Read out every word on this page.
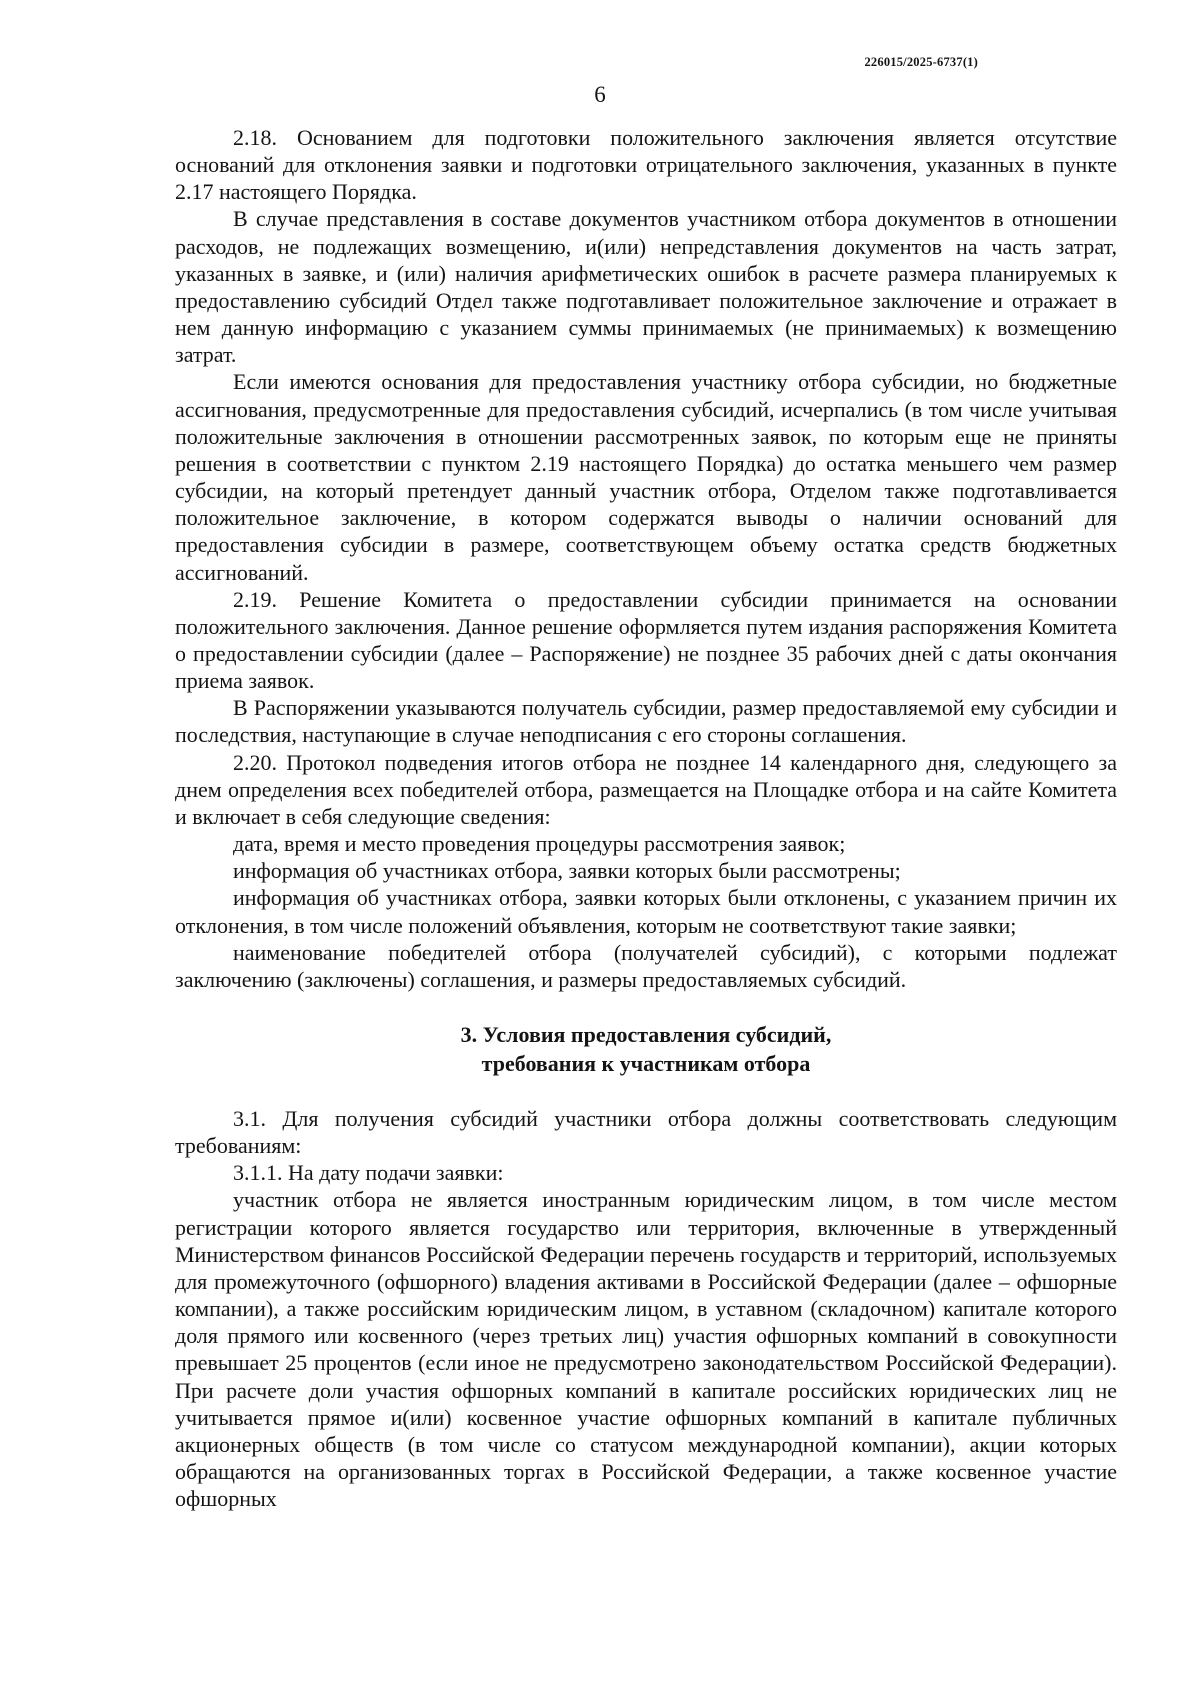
226015/2025-6737(1)
6

2.18. Основанием для подготовки положительного заключения является отсутствие оснований для отклонения заявки и подготовки отрицательного заключения, указанных в пункте 2.17 настоящего Порядка.

В случае представления в составе документов участником отбора документов в отношении расходов, не подлежащих возмещению, и(или) непредставления документов на часть затрат, указанных в заявке, и (или) наличия арифметических ошибок в расчете размера планируемых к предоставлению субсидий Отдел также подготавливает положительное заключение и отражает в нем данную информацию с указанием суммы принимаемых (не принимаемых) к возмещению затрат.

Если имеются основания для предоставления участнику отбора субсидии, но бюджетные ассигнования, предусмотренные для предоставления субсидий, исчерпались (в том числе учитывая положительные заключения в отношении рассмотренных заявок, по которым еще не приняты решения в соответствии с пунктом 2.19 настоящего Порядка) до остатка меньшего чем размер субсидии, на который претендует данный участник отбора, Отделом также подготавливается положительное заключение, в котором содержатся выводы о наличии оснований для предоставления субсидии в размере, соответствующем объему остатка средств бюджетных ассигнований.

2.19. Решение Комитета о предоставлении субсидии принимается на основании положительного заключения. Данное решение оформляется путем издания распоряжения Комитета о предоставлении субсидии (далее – Распоряжение) не позднее 35 рабочих дней с даты окончания приема заявок.

В Распоряжении указываются получатель субсидии, размер предоставляемой ему субсидии и последствия, наступающие в случае неподписания с его стороны соглашения.

2.20. Протокол подведения итогов отбора не позднее 14 календарного дня, следующего за днем определения всех победителей отбора, размещается на Площадке отбора и на сайте Комитета и включает в себя следующие сведения:

дата, время и место проведения процедуры рассмотрения заявок;

информация об участниках отбора, заявки которых были рассмотрены;

информация об участниках отбора, заявки которых были отклонены, с указанием причин их отклонения, в том числе положений объявления, которым не соответствуют такие заявки;

наименование победителей отбора (получателей субсидий), с которыми подлежат заключению (заключены) соглашения, и размеры предоставляемых субсидий.

3. Условия предоставления субсидий,
требования к участникам отбора

3.1. Для получения субсидий участники отбора должны соответствовать следующим требованиям:

3.1.1. На дату подачи заявки:

участник отбора не является иностранным юридическим лицом, в том числе местом регистрации которого является государство или территория, включенные в утвержденный Министерством финансов Российской Федерации перечень государств и территорий, используемых для промежуточного (офшорного) владения активами в Российской Федерации (далее – офшорные компании), а также российским юридическим лицом, в уставном (складочном) капитале которого доля прямого или косвенного (через третьих лиц) участия офшорных компаний в совокупности превышает 25 процентов (если иное не предусмотрено законодательством Российской Федерации). При расчете доли участия офшорных компаний в капитале российских юридических лиц не учитывается прямое и(или) косвенное участие офшорных компаний в капитале публичных акционерных обществ (в том числе со статусом международной компании), акции которых обращаются на организованных торгах в Российской Федерации, а также косвенное участие офшорных
